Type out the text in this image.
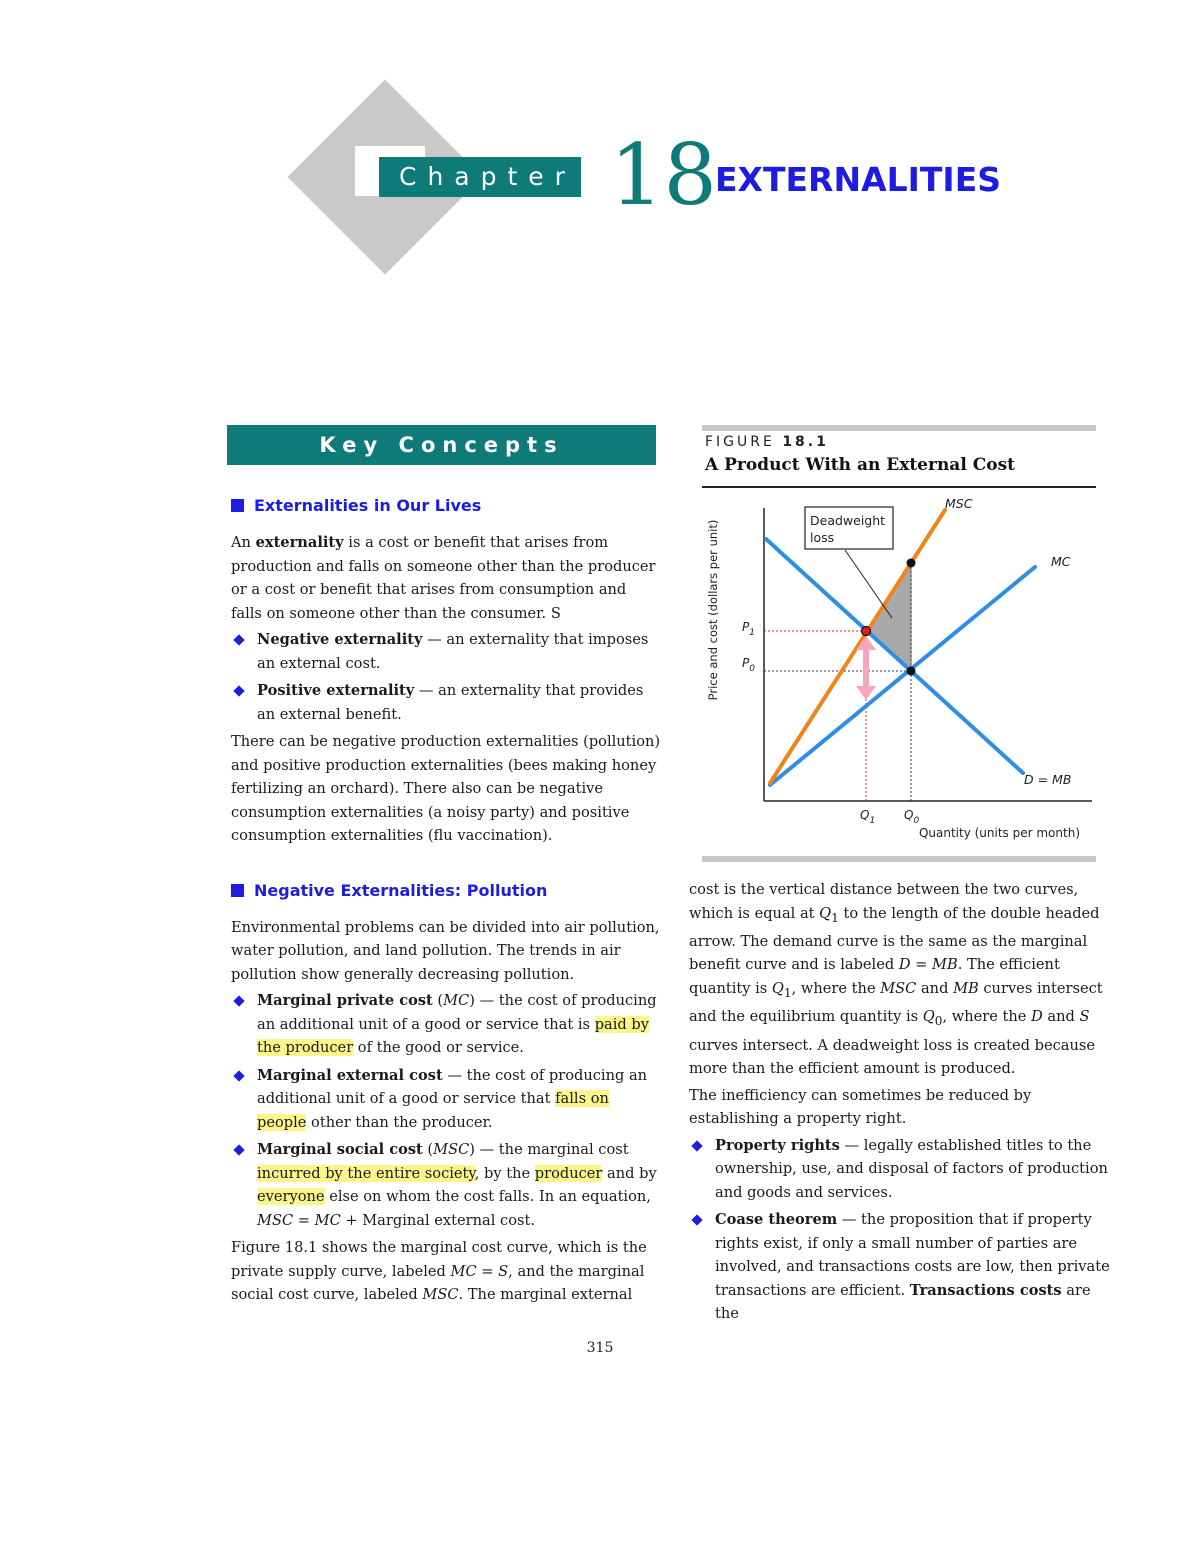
Chapter 18
EXTERNALITIES
Key Concepts
Externalities in Our Lives

An externality is a cost or benefit that arises from production and falls on someone other than the producer or a cost or benefit that arises from consumption and falls on someone other than the consumer. S

Negative externality — an externality that imposes an external cost.
Positive externality — an externality that provides an external benefit.

There can be negative production externalities (pollution) and positive production externalities (bees making honey fertilizing an orchard). There also can be negative consumption externalities (a noisy party) and positive consumption externalities (flu vaccination).

Negative Externalities: Pollution

Environmental problems can be divided into air pollution, water pollution, and land pollution. The trends in air pollution show generally decreasing pollution.

Marginal private cost (MC) — the cost of producing an additional unit of a good or service that is paid by the producer of the good or service.
Marginal external cost — the cost of producing an additional unit of a good or service that falls on people other than the producer.
Marginal social cost (MSC) — the marginal cost incurred by the entire society, by the producer and by everyone else on whom the cost falls. In an equation, MSC = MC + Marginal external cost.

Figure 18.1 shows the marginal cost curve, which is the private supply curve, labeled MC = S, and the marginal social cost curve, labeled MSC. The marginal external

FIGURE 18.1
A Product With an External Cost
Price and cost (dollars per unit)	Deadweight
loss
MSC
MC
D = MB
$P_1$
$P_0$
$Q_1$ $Q_0$
Quantity (units per month)

cost is the vertical distance between the two curves, which is equal at $Q_1$ to the length of the double headed arrow. The demand curve is the same as the marginal benefit curve and is labeled D = MB. The efficient quantity is $Q_1$, where the MSC and MB curves intersect and the equilibrium quantity is $Q_0$, where the D and S curves intersect. A deadweight loss is created because more than the efficient amount is produced.

The inefficiency can sometimes be reduced by establishing a property right.

Property rights — legally established titles to the ownership, use, and disposal of factors of production and goods and services.
Coase theorem — the proposition that if property rights exist, if only a small number of parties are involved, and transactions costs are low, then private transactions are efficient. Transactions costs are the
315
